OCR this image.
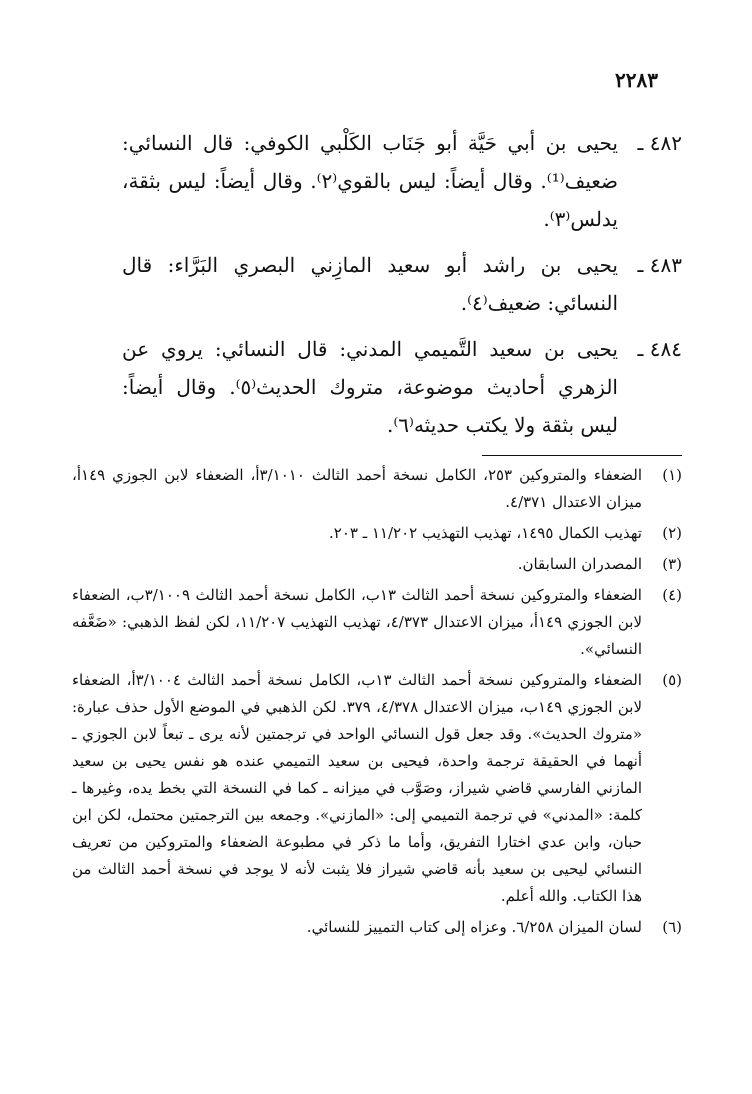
٢٢٨٣
٤٨٢ ـ

يحيى بن أبي حَيَّة أبو جَنَاب الكَلْبي الكوفي: قال النسائي: ضعيف⁽¹⁾. وقال أيضاً: ليس بالقوي⁽٢⁾. وقال أيضاً: ليس بثقة، يدلس⁽٣⁾.

٤٨٣ ـ

يحيى بن راشد أبو سعيد المازِني البصري البَرَّاء: قال النسائي: ضعيف⁽٤⁾.

٤٨٤ ـ

يحيى بن سعيد التَّميمي المدني: قال النسائي: يروي عن الزهري أحاديث موضوعة، متروك الحديث⁽٥⁾. وقال أيضاً: ليس بثقة ولا يكتب حديثه⁽٦⁾.

(١)
الضعفاء والمتروكين ٢٥٣، الكامل نسخة أحمد الثالث ٣/١٠١٠أ، الضعفاء لابن الجوزي ١٤٩أ، ميزان الاعتدال ٤/٣٧١.
(٢)
تهذيب الكمال ١٤٩٥، تهذيب التهذيب ١١/٢٠٢ ـ ٢٠٣.
(٣)
المصدران السابقان.
(٤)
الضعفاء والمتروكين نسخة أحمد الثالث ١٣ب، الكامل نسخة أحمد الثالث ٣/١٠٠٩ب، الضعفاء لابن الجوزي ١٤٩أ، ميزان الاعتدال ٤/٣٧٣، تهذيب التهذيب ١١/٢٠٧، لكن لفظ الذهبي: «ضَعَّفه النسائي».
(٥)
الضعفاء والمتروكين نسخة أحمد الثالث ١٣ب، الكامل نسخة أحمد الثالث ٣/١٠٠٤أ، الضعفاء لابن الجوزي ١٤٩ب، ميزان الاعتدال ٤/٣٧٨، ٣٧٩. لكن الذهبي في الموضع الأول حذف عبارة: «متروك الحديث». وقد جعل قول النسائي الواحد في ترجمتين لأنه يرى ـ تبعاً لابن الجوزي ـ أنهما في الحقيقة ترجمة واحدة، فيحيى بن سعيد التميمي عنده هو نفس يحيى بن سعيد المازني الفارسي قاضي شيراز، وصَوَّب في ميزانه ـ كما في النسخة التي بخط يده، وغيرها ـ كلمة: «المدني» في ترجمة التميمي إلى: «المازني». وجمعه بين الترجمتين محتمل، لكن ابن حبان، وابن عدي اختارا التفريق، وأما ما ذكر في مطبوعة الضعفاء والمتروكين من تعريف النسائي ليحيى بن سعيد بأنه قاضي شيراز فلا يثبت لأنه لا يوجد في نسخة أحمد الثالث من هذا الكتاب. والله أعلم.
(٦)
لسان الميزان ٦/٢٥٨. وعزاه إلى كتاب التمييز للنسائي.
